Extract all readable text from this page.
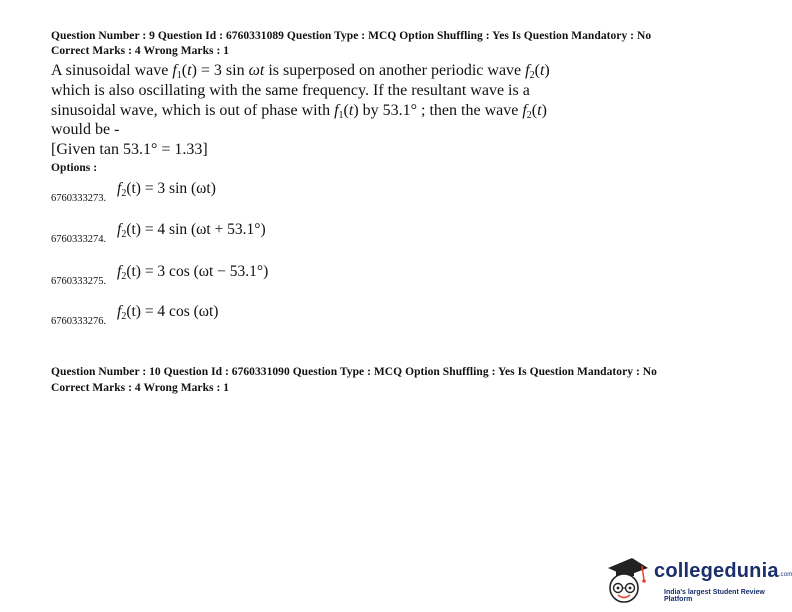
Question Number : 9 Question Id : 6760331089 Question Type : MCQ Option Shuffling : Yes Is Question Mandatory : No
Correct Marks : 4 Wrong Marks : 1
A sinusoidal wave $f_1(t) = 3$ sin ωt is superposed on another periodic wave $f_2(t)$
which is also oscillating with the same frequency. If the resultant wave is a
sinusoidal wave, which is out of phase with $f_1(t)$ by 53.1° ; then the wave $f_2(t)$
would be -
[Given tan 53.1° = 1.33]
Options :
6760333273.
$f_2(t) = 3$ sin (ωt)
6760333274.
$f_2(t) = 4$ sin (ωt + 53.1°)
6760333275.
$f_2(t) = 3$ cos (ωt − 53.1°)
6760333276.
$f_2(t) = 4$ cos (ωt)
Question Number : 10 Question Id : 6760331090 Question Type : MCQ Option Shuffling : Yes Is Question Mandatory : No
Correct Marks : 4 Wrong Marks : 1
collegedunia.com
India's largest Student Review Platform
